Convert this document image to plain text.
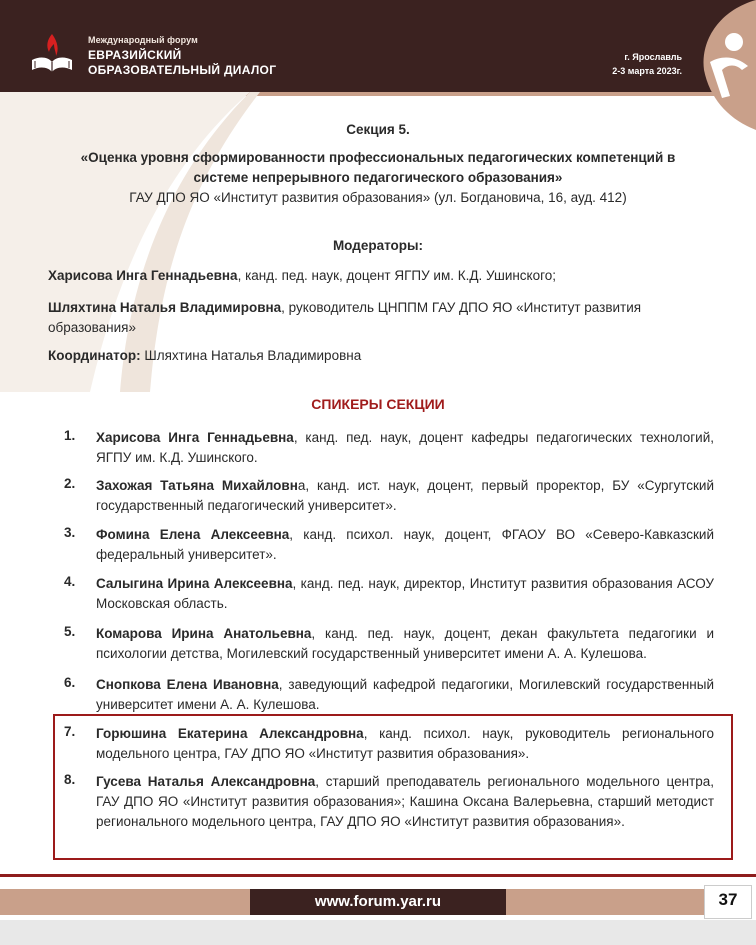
Международный форум
ЕВРАЗИЙСКИЙ
ОБРАЗОВАТЕЛЬНЫЙ ДИАЛОГ
г. Ярославль
2-3 марта 2023г.
Секция 5.
«Оценка уровня сформированности профессиональных педагогических компетенций в системе непрерывного педагогического образования»
ГАУ ДПО ЯО «Институт развития образования» (ул. Богдановича, 16, ауд. 412)
Модераторы:
Харисова Инга Геннадьевна, канд. пед. наук, доцент ЯГПУ им. К.Д. Ушинского;
Шляхтина Наталья Владимировна, руководитель ЦНППМ ГАУ ДПО ЯО «Институт развития образования»
Координатор: Шляхтина Наталья Владимировна
СПИКЕРЫ СЕКЦИИ
1. Харисова Инга Геннадьевна, канд. пед. наук, доцент кафедры педагогических технологий, ЯГПУ им. К.Д. Ушинского.
2. Захожая Татьяна Михайловна, канд. ист. наук, доцент, первый проректор, БУ «Сургутский государственный педагогический университет».
3. Фомина Елена Алексеевна, канд. психол. наук, доцент, ФГАОУ ВО «Северо-Кавказский федеральный университет».
4. Салыгина Ирина Алексеевна, канд. пед. наук, директор, Институт развития образования АСОУ Московская область.
5. Комарова Ирина Анатольевна, канд. пед. наук, доцент, декан факультета педагогики и психологии детства, Могилевский государственный университет имени А. А. Кулешова.
6. Снопкова Елена Ивановна, заведующий кафедрой педагогики, Могилевский государственный университет имени А. А. Кулешова.
7. Горюшина Екатерина Александровна, канд. психол. наук, руководитель регионального модельного центра, ГАУ ДПО ЯО «Институт развития образования».
8. Гусева Наталья Александровна, старший преподаватель регионального модельного центра, ГАУ ДПО ЯО «Институт развития образования»; Кашина Оксана Валерьевна, старший методист регионального модельного центра, ГАУ ДПО ЯО «Институт развития образования».
www.forum.yar.ru	37
